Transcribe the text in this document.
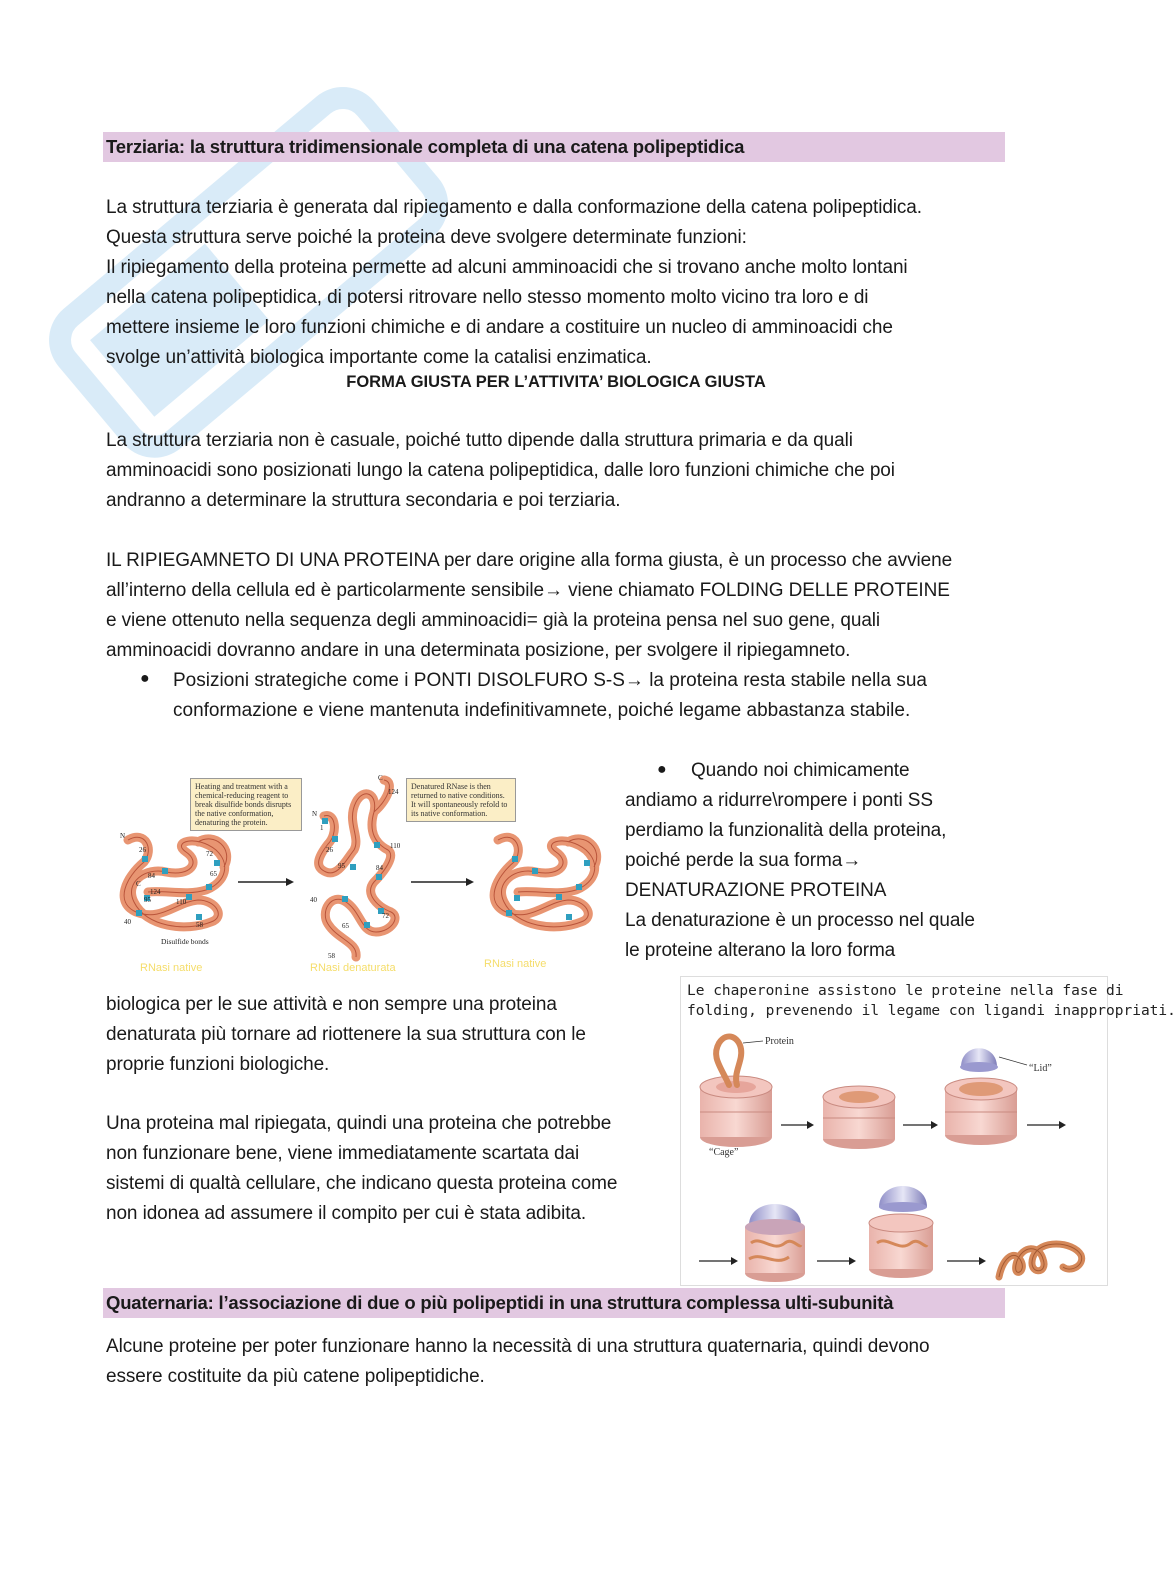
Terziaria: la struttura tridimensionale completa di una catena polipeptidica

La struttura terziaria è generata dal ripiegamento e dalla conformazione della catena polipeptidica.

Questa struttura serve poiché la proteina deve svolgere determinate funzioni:

Il ripiegamento della proteina permette ad alcuni amminoacidi che si trovano anche molto lontani

nella catena polipeptidica, di potersi ritrovare nello stesso momento molto vicino tra loro e di

mettere insieme le loro funzioni chimiche e di andare a costituire un nucleo di amminoacidi che

svolge un’attività biologica importante come la catalisi enzimatica.

FORMA GIUSTA PER L’ATTIVITA’ BIOLOGICA GIUSTA

La struttura terziaria non è casuale, poiché tutto dipende dalla struttura primaria e da quali

amminoacidi sono posizionati lungo la catena polipeptidica, dalle loro funzioni chimiche che poi

andranno a determinare la struttura secondaria e poi terziaria.

IL RIPIEGAMNETO DI UNA PROTEINA per dare origine alla forma giusta, è un processo che avviene

all’interno della cellula ed è particolarmente sensibile→ viene chiamato FOLDING DELLE PROTEINE

e viene ottenuto nella sequenza degli amminoacidi= già la proteina pensa nel suo gene, quali

amminoacidi dovranno andare in una determinata posizione, per svolgere il ripiegamneto.

● Posizioni strategiche come i PONTI DISOLFURO S-S→ la proteina resta stabile nella sua
conformazione e viene mantenuta indefinitivamnete, poiché legame abbastanza stabile.
N
C
26
84
124
95	110
40	58
65
72
Disulfide bonds
C
124
N
1
26	110
95	84
40
72
65
58
Heating and treatment with a
chemical-reducing reagent to
break disulfide bonds disrupts
the native conformation,
denaturing the protein.
Denatured RNase is then
returned to native conditions.
It will spontaneously refold to
its native conformation.
RNasi native	RNasi denaturata	RNasi native
●	Quando noi chimicamente

andiamo a ridurre\rompere i ponti SS

perdiamo la funzionalità della proteina,

poiché perde la sua forma→

DENATURAZIONE PROTEINA

La denaturazione è un processo nel quale

le proteine alterano la loro forma

biologica per le sue attività e non sempre una proteina

denaturata più tornare ad riottenere la sua struttura con le

proprie funzioni biologiche.

Una proteina mal ripiegata, quindi una proteina che potrebbe

non funzionare bene, viene immediatamente scartata dai

sistemi di qualtà cellulare, che indicano questa proteina come

non idonea ad assumere il compito per cui è stata adibita.

Le chaperonine assistono le proteine nella fase di
folding, prevenendo il legame con ligandi inappropriati.
Protein
“Cage”
“Lid”
Quaternaria: l’associazione di due o più polipeptidi in una struttura complessa ulti-subunità

Alcune proteine per poter funzionare hanno la necessità di una struttura quaternaria, quindi devono

essere costituite da più catene polipeptidiche.
